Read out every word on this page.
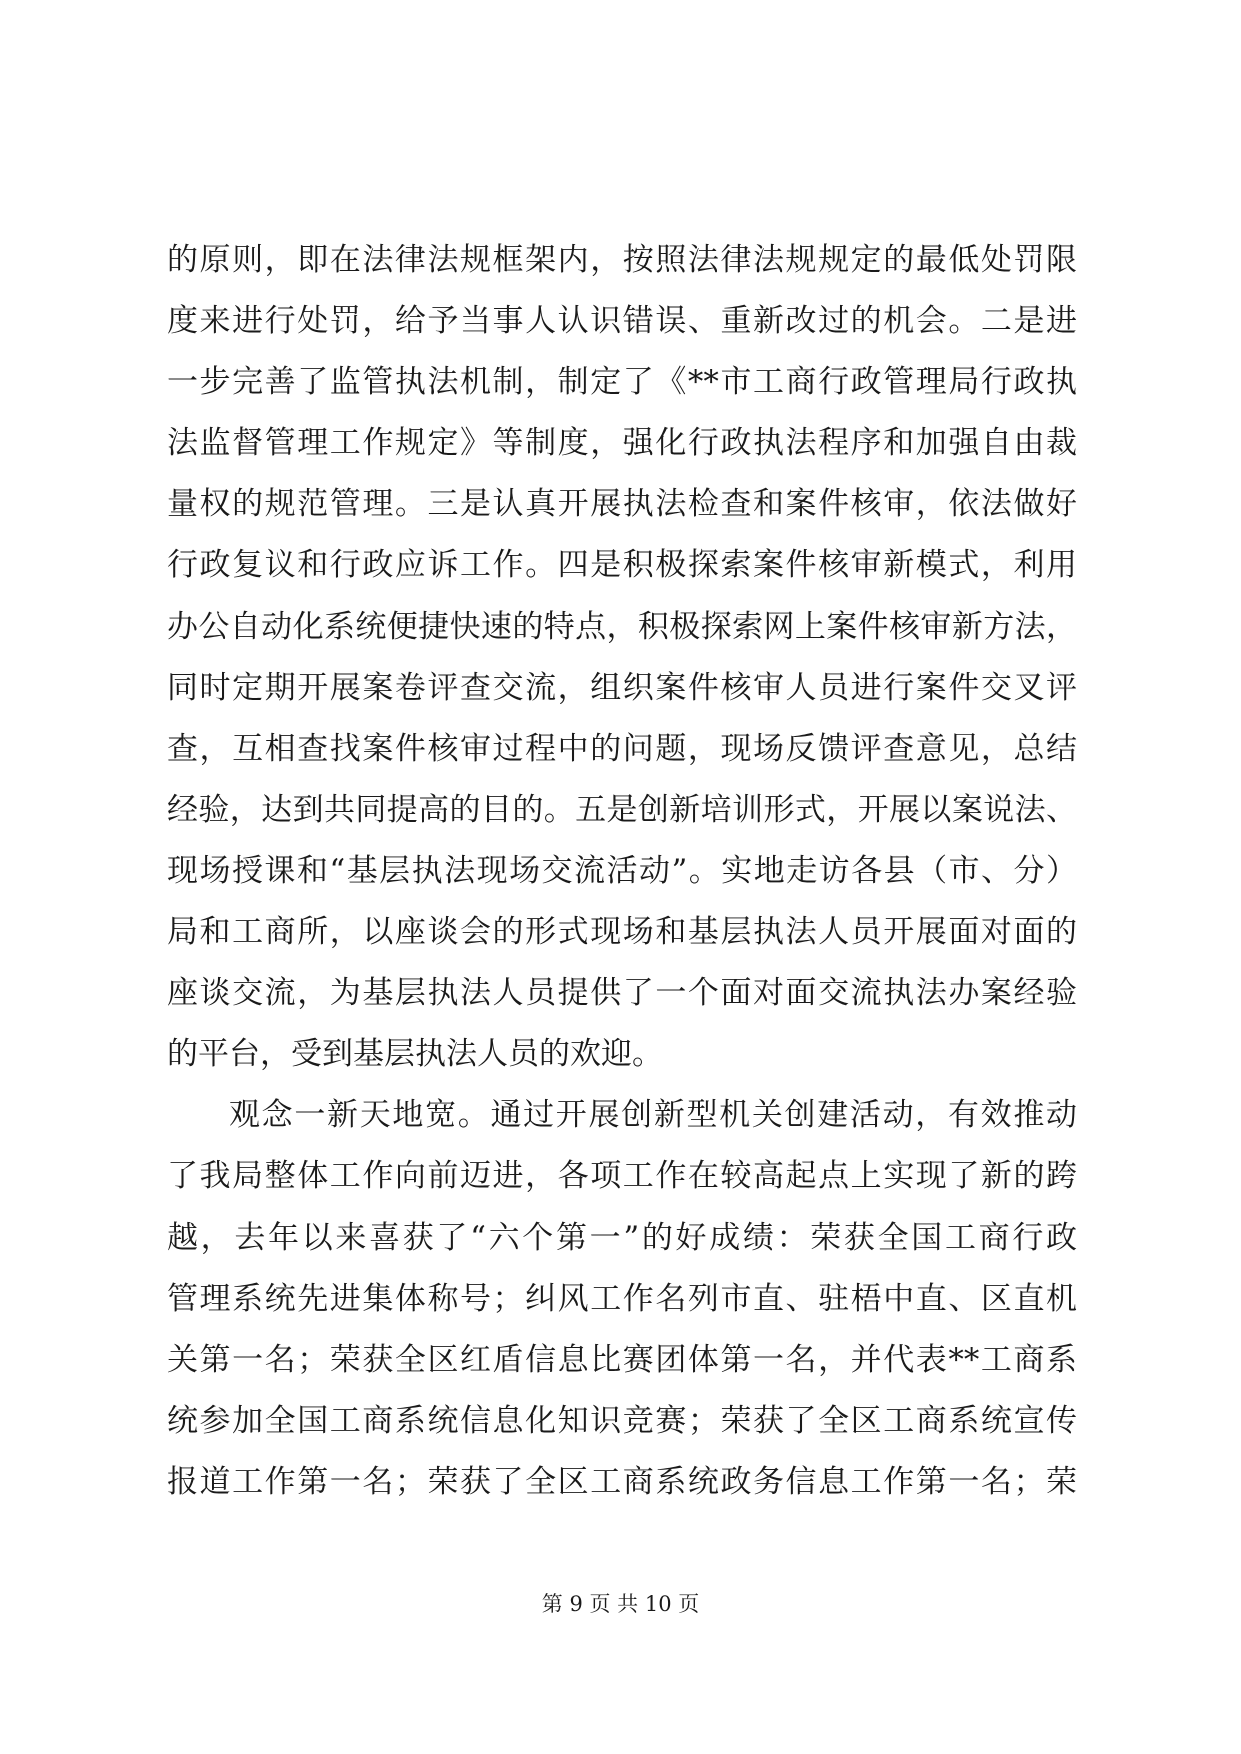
的原则，即在法律法规框架内，按照法律法规规定的最低处罚限
度来进行处罚，给予当事人认识错误、重新改过的机会。二是进
一步完善了监管执法机制，制定了《**市工商行政管理局行政执
法监督管理工作规定》等制度，强化行政执法程序和加强自由裁
量权的规范管理。三是认真开展执法检查和案件核审，依法做好
行政复议和行政应诉工作。四是积极探索案件核审新模式，利用
办公自动化系统便捷快速的特点，积极探索网上案件核审新方法，
同时定期开展案卷评查交流，组织案件核审人员进行案件交叉评
查，互相查找案件核审过程中的问题，现场反馈评查意见，总结
经验，达到共同提高的目的。五是创新培训形式，开展以案说法、
现场授课和“基层执法现场交流活动”。实地走访各县（市、分）
局和工商所，以座谈会的形式现场和基层执法人员开展面对面的
座谈交流，为基层执法人员提供了一个面对面交流执法办案经验
的平台，受到基层执法人员的欢迎。
观念一新天地宽。通过开展创新型机关创建活动，有效推动
了我局整体工作向前迈进，各项工作在较高起点上实现了新的跨
越，去年以来喜获了“六个第一”的好成绩：荣获全国工商行政
管理系统先进集体称号；纠风工作名列市直、驻梧中直、区直机
关第一名；荣获全区红盾信息比赛团体第一名，并代表**工商系
统参加全国工商系统信息化知识竞赛；荣获了全区工商系统宣传
报道工作第一名；荣获了全区工商系统政务信息工作第一名；荣
第 9 页 共 10 页
